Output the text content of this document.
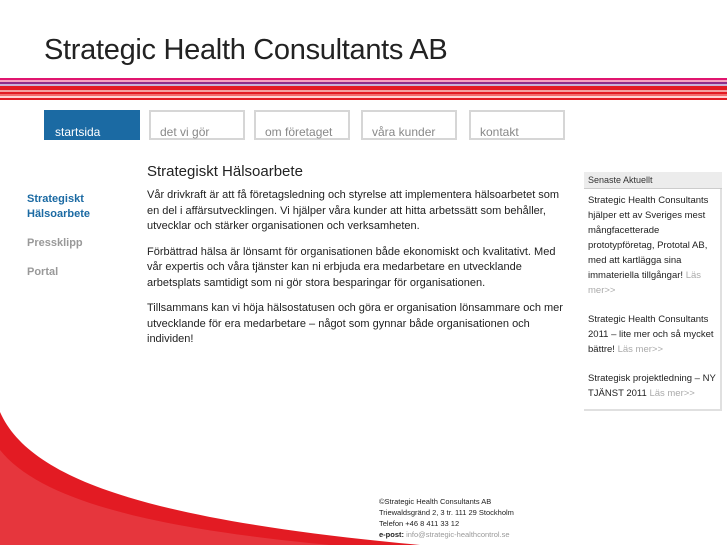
Strategic Health Consultants AB
startsida	det vi gör	om företaget	våra kunder	kontakt
Strategiskt Hälsoarbete
Pressklipp
Portal
Strategiskt Hälsoarbete

Vår drivkraft är att få företagsledning och styrelse att implementera hälsoarbetet som en del i affärsutvecklingen. Vi hjälper våra kunder att hitta arbetssätt som behåller, utvecklar och stärker organisationen och verksamheten.

Förbättrad hälsa är lönsamt för organisationen både ekonomiskt och kvalitativt. Med vår expertis och våra tjänster kan ni erbjuda era medarbetare en utvecklande arbetsplats samtidigt som ni gör stora besparingar för organisationen.

Tillsammans kan vi höja hälsostatusen och göra er organisation lönsammare och mer utvecklande för era medarbetare – något som gynnar både organisationen och individen!

Senaste Aktuellt
Strategic Health Consultants hjälper ett av Sveriges mest mångfacetterade prototypföretag, Prototal AB, med att kartlägga sina immateriella tillgångar! Läs mer>>
Strategic Health Consultants 2011 – lite mer och så mycket bättre! Läs mer>>
Strategisk projektledning – NY TJÄNST 2011 Läs mer>>
©Strategic Health Consultants AB
Triewaldsgränd 2, 3 tr. 111 29 Stockholm
Telefon +46 8 411 33 12
e-post: info@strategic-healthcontrol.se
